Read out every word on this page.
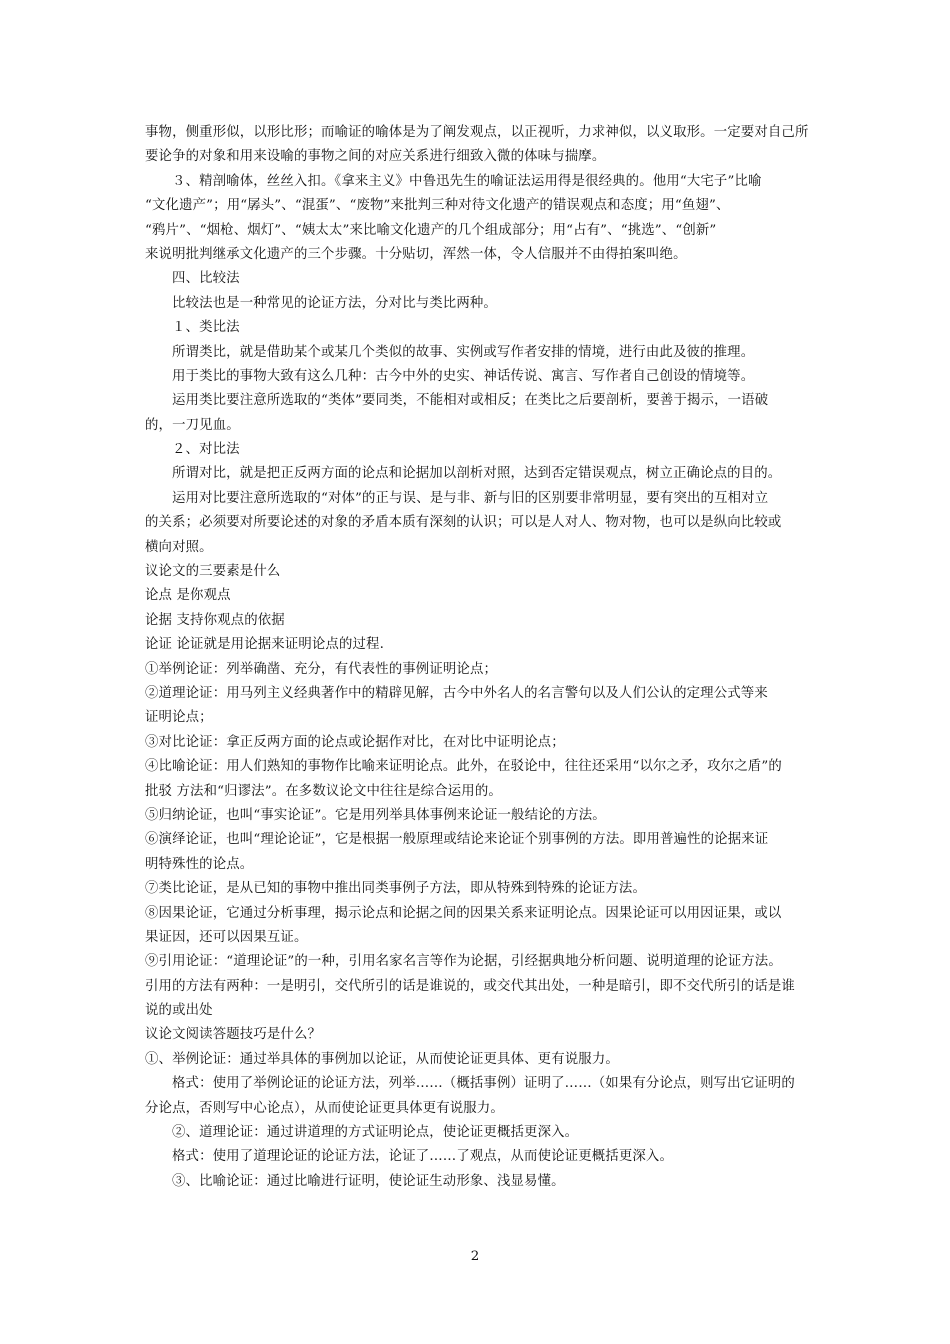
事物，侧重形似，以形比形；而喻证的喻体是为了阐发观点，以正视听，力求神似，以义取形。一定要对自己所
要论争的对象和用来设喻的事物之间的对应关系进行细致入微的体味与揣摩。
３、精剖喻体，丝丝入扣。《拿来主义》中鲁迅先生的喻证法运用得是很经典的。他用“大宅子”比喻
“文化遗产”；用“孱头”、“混蛋”、“废物”来批判三种对待文化遗产的错误观点和态度；用“鱼翅”、
“鸦片”、“烟枪、烟灯”、“姨太太”来比喻文化遗产的几个组成部分；用“占有”、“挑选”、“创新”
来说明批判继承文化遗产的三个步骤。十分贴切，浑然一体，令人信服并不由得拍案叫绝。
四、比较法
比较法也是一种常见的论证方法，分对比与类比两种。
１、类比法
所谓类比，就是借助某个或某几个类似的故事、实例或写作者安排的情境，进行由此及彼的推理。
用于类比的事物大致有这么几种：古今中外的史实、神话传说、寓言、写作者自己创设的情境等。
运用类比要注意所选取的“类体”要同类，不能相对或相反；在类比之后要剖析，要善于揭示，一语破
的，一刀见血。
２、对比法
所谓对比，就是把正反两方面的论点和论据加以剖析对照，达到否定错误观点，树立正确论点的目的。
运用对比要注意所选取的“对体”的正与误、是与非、新与旧的区别要非常明显，要有突出的互相对立
的关系；必须要对所要论述的对象的矛盾本质有深刻的认识；可以是人对人、物对物，也可以是纵向比较或
横向对照。
议论文的三要素是什么
论点 是你观点
论据 支持你观点的依据
论证 论证就是用论据来证明论点的过程.
①举例论证：列举确凿、充分，有代表性的事例证明论点；
②道理论证：用马列主义经典著作中的精辟见解，古今中外名人的名言警句以及人们公认的定理公式等来
证明论点；
③对比论证：拿正反两方面的论点或论据作对比，在对比中证明论点；
④比喻论证：用人们熟知的事物作比喻来证明论点。此外，在驳论中，往往还采用“以尔之矛，攻尔之盾”的
批驳 方法和“归谬法”。在多数议论文中往往是综合运用的。
⑤归纳论证，也叫“事实论证”。它是用列举具体事例来论证一般结论的方法。
⑥演绎论证，也叫“理论论证”，它是根据一般原理或结论来论证个别事例的方法。即用普遍性的论据来证
明特殊性的论点。
⑦类比论证，是从已知的事物中推出同类事例子方法，即从特殊到特殊的论证方法。
⑧因果论证，它通过分析事理，揭示论点和论据之间的因果关系来证明论点。因果论证可以用因证果，或以
果证因，还可以因果互证。
⑨引用论证：“道理论证”的一种，引用名家名言等作为论据，引经据典地分析问题、说明道理的论证方法。
引用的方法有两种：一是明引，交代所引的话是谁说的，或交代其出处，一种是暗引，即不交代所引的话是谁
说的或出处
议论文阅读答题技巧是什么？
①、举例论证：通过举具体的事例加以论证，从而使论证更具体、更有说服力。
格式：使用了举例论证的论证方法，列举……（概括事例）证明了……（如果有分论点，则写出它证明的
分论点，否则写中心论点），从而使论证更具体更有说服力。
②、道理论证：通过讲道理的方式证明论点，使论证更概括更深入。
格式：使用了道理论证的论证方法，论证了……了观点，从而使论证更概括更深入。
③、比喻论证：通过比喻进行证明，使论证生动形象、浅显易懂。
2
